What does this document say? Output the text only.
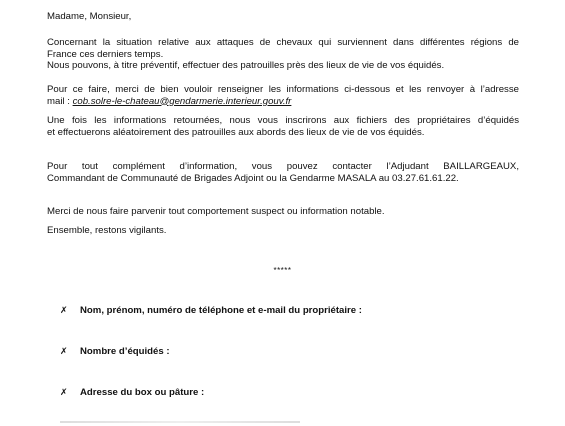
Madame, Monsieur,

Concernant la situation relative aux attaques de chevaux qui surviennent dans différentes régions de
France ces derniers temps.
Nous pouvons, à titre préventif, effectuer des patrouilles près des lieux de vie de vos équidés.

Pour ce faire, merci de bien vouloir renseigner les informations ci-dessous et les renvoyer à l’adresse
mail : cob.solre-le-chateau@gendarmerie.interieur.gouv.fr

Une fois les informations retournées, nous vous inscrirons aux fichiers des propriétaires d’équidés
et effectuerons aléatoirement des patrouilles aux abords des lieux de vie de vos équidés.

Pour tout complément d’information, vous pouvez contacter l’Adjudant BAILLARGEAUX,
Commandant de Communauté de Brigades Adjoint ou la Gendarme MASALA au 03.27.61.61.22.

Merci de nous faire parvenir tout comportement suspect ou information notable.

Ensemble, restons vigilants.

*****
✗	Nom, prénom, numéro de téléphone et e-mail du propriétaire :
✗	Nombre d’équidés :
✗	Adresse du box ou pâture :
